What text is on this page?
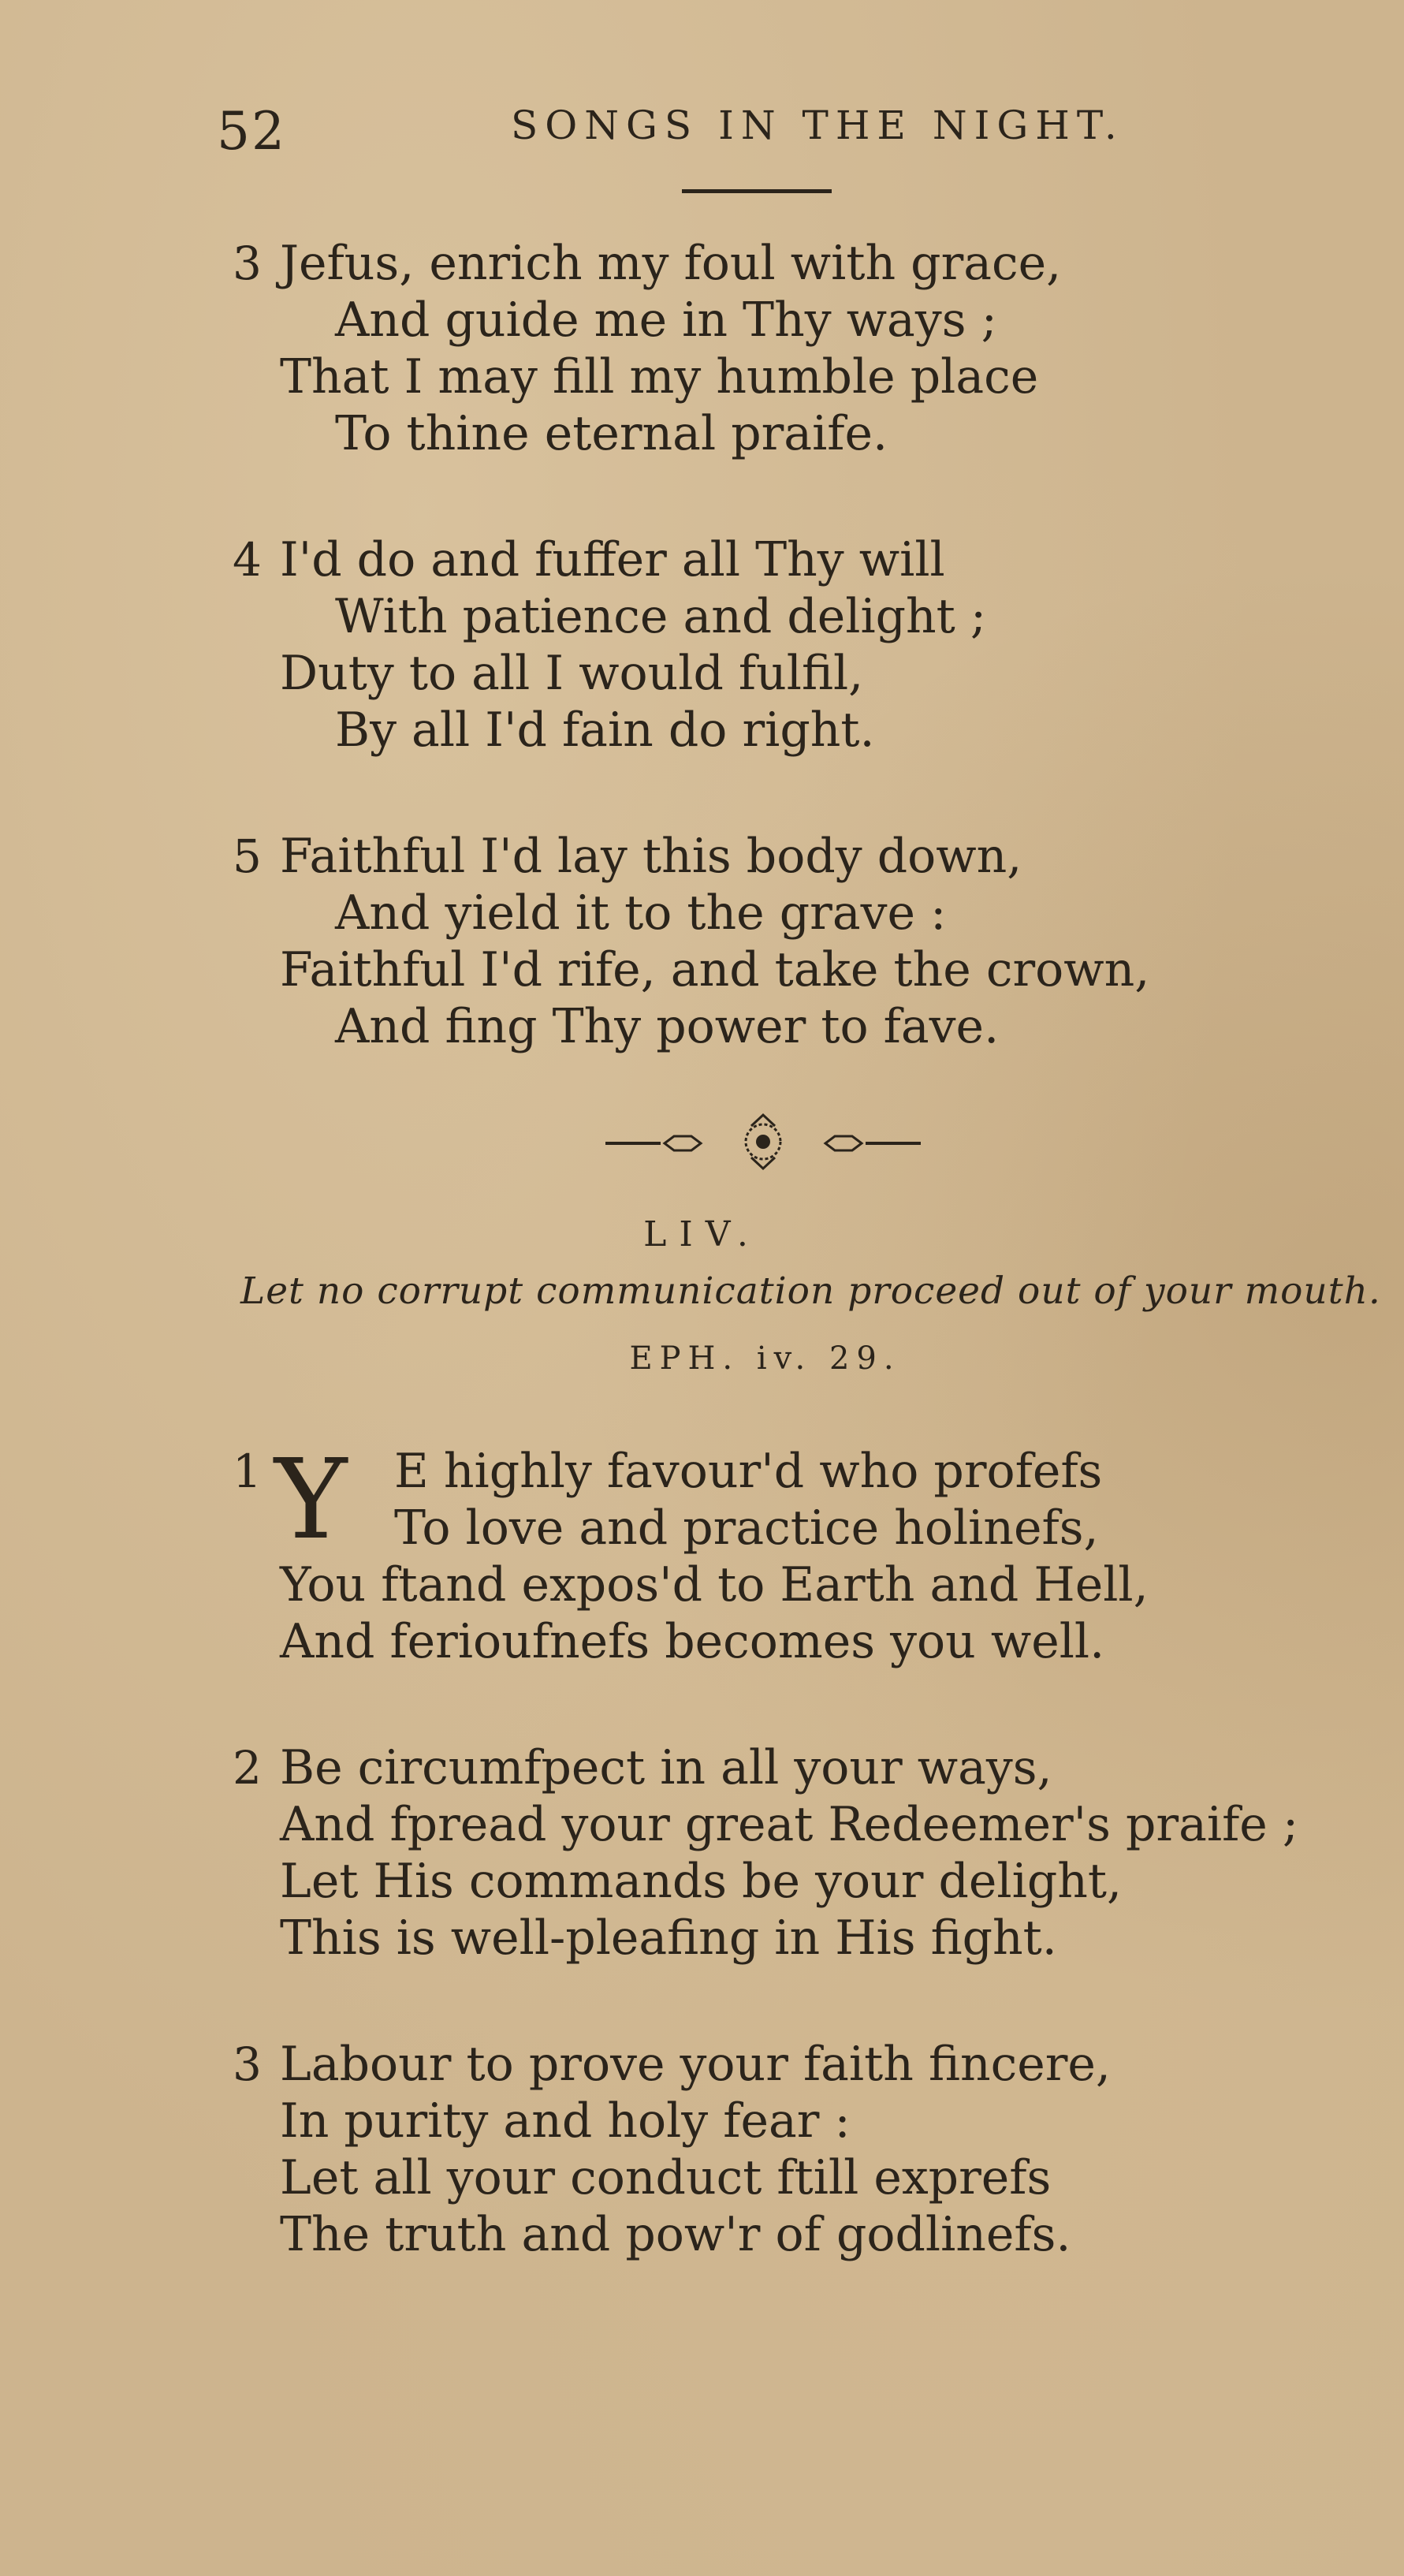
52	SONGS IN THE NIGHT.
3 Jefus, enrich my foul with grace,
And guide me in Thy ways ;
That I may fill my humble place
To thine eternal praife.
4 I'd do and fuffer all Thy will
With patience and delight ;
Duty to all I would fulfil,
By all I'd fain do right.
5 Faithful I'd lay this body down,
And yield it to the grave :
Faithful I'd rife, and take the crown,
And fing Thy power to fave.
LIV.
Let no corrupt communication proceed out of your mouth.
EPH. iv. 29.
1 Y E highly favour'd who profefs
To love and practice holinefs,
You ftand expos'd to Earth and Hell,
And ferioufnefs becomes you well.
2 Be circumfpect in all your ways,
And fpread your great Redeemer's praife ;
Let His commands be your delight,
This is well-pleafing in His fight.
3 Labour to prove your faith fincere,
In purity and holy fear :
Let all your conduct ftill exprefs
The truth and pow'r of godlinefs.
